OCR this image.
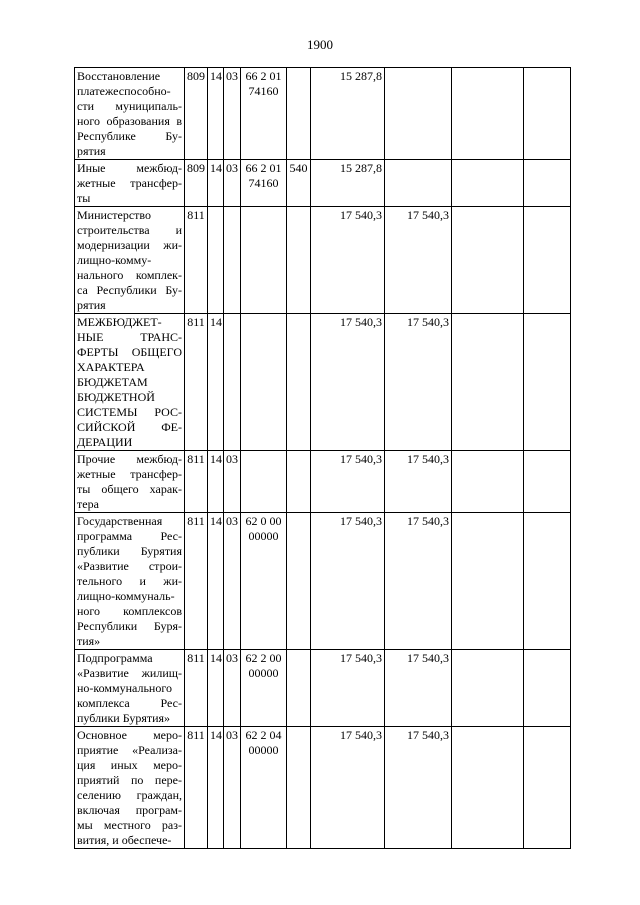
1900
Восстановление платежеспособно-сти муниципаль-ного образования в Республике Бу-рятия	809	14	03	66 2 01 74160		15 287,8			
Иные межбюд-жетные трансфер-ты	809	14	03	66 2 01 74160	540	15 287,8			
Министерство строительства и модернизации жи-лищно-комму-нального комплек-са Республики Бу-рятия	811					17 540,3	17 540,3		
МЕЖБЮДЖЕТ-НЫЕ ТРАНС-ФЕРТЫ ОБЩЕГО ХАРАКТЕРА БЮДЖЕТАМ БЮДЖЕТНОЙ СИСТЕМЫ РОС-СИЙСКОЙ ФЕ-ДЕРАЦИИ	811	14				17 540,3	17 540,3		
Прочие межбюд-жетные трансфер-ты общего харак-тера	811	14	03			17 540,3	17 540,3		
Государственная программа Рес-публики Бурятия «Развитие строи-тельного и жи-лищно-коммуналь-ного комплексов Республики Буря-тия»	811	14	03	62 0 00 00000		17 540,3	17 540,3		
Подпрограмма «Развитие жилищ-но-коммунального комплекса Рес-публики Бурятия»	811	14	03	62 2 00 00000		17 540,3	17 540,3		
Основное меро-приятие «Реализа-ция иных меро-приятий по пере-селению граждан, включая програм-мы местного раз-вития, и обеспече-	811	14	03	62 2 04 00000		17 540,3	17 540,3		
